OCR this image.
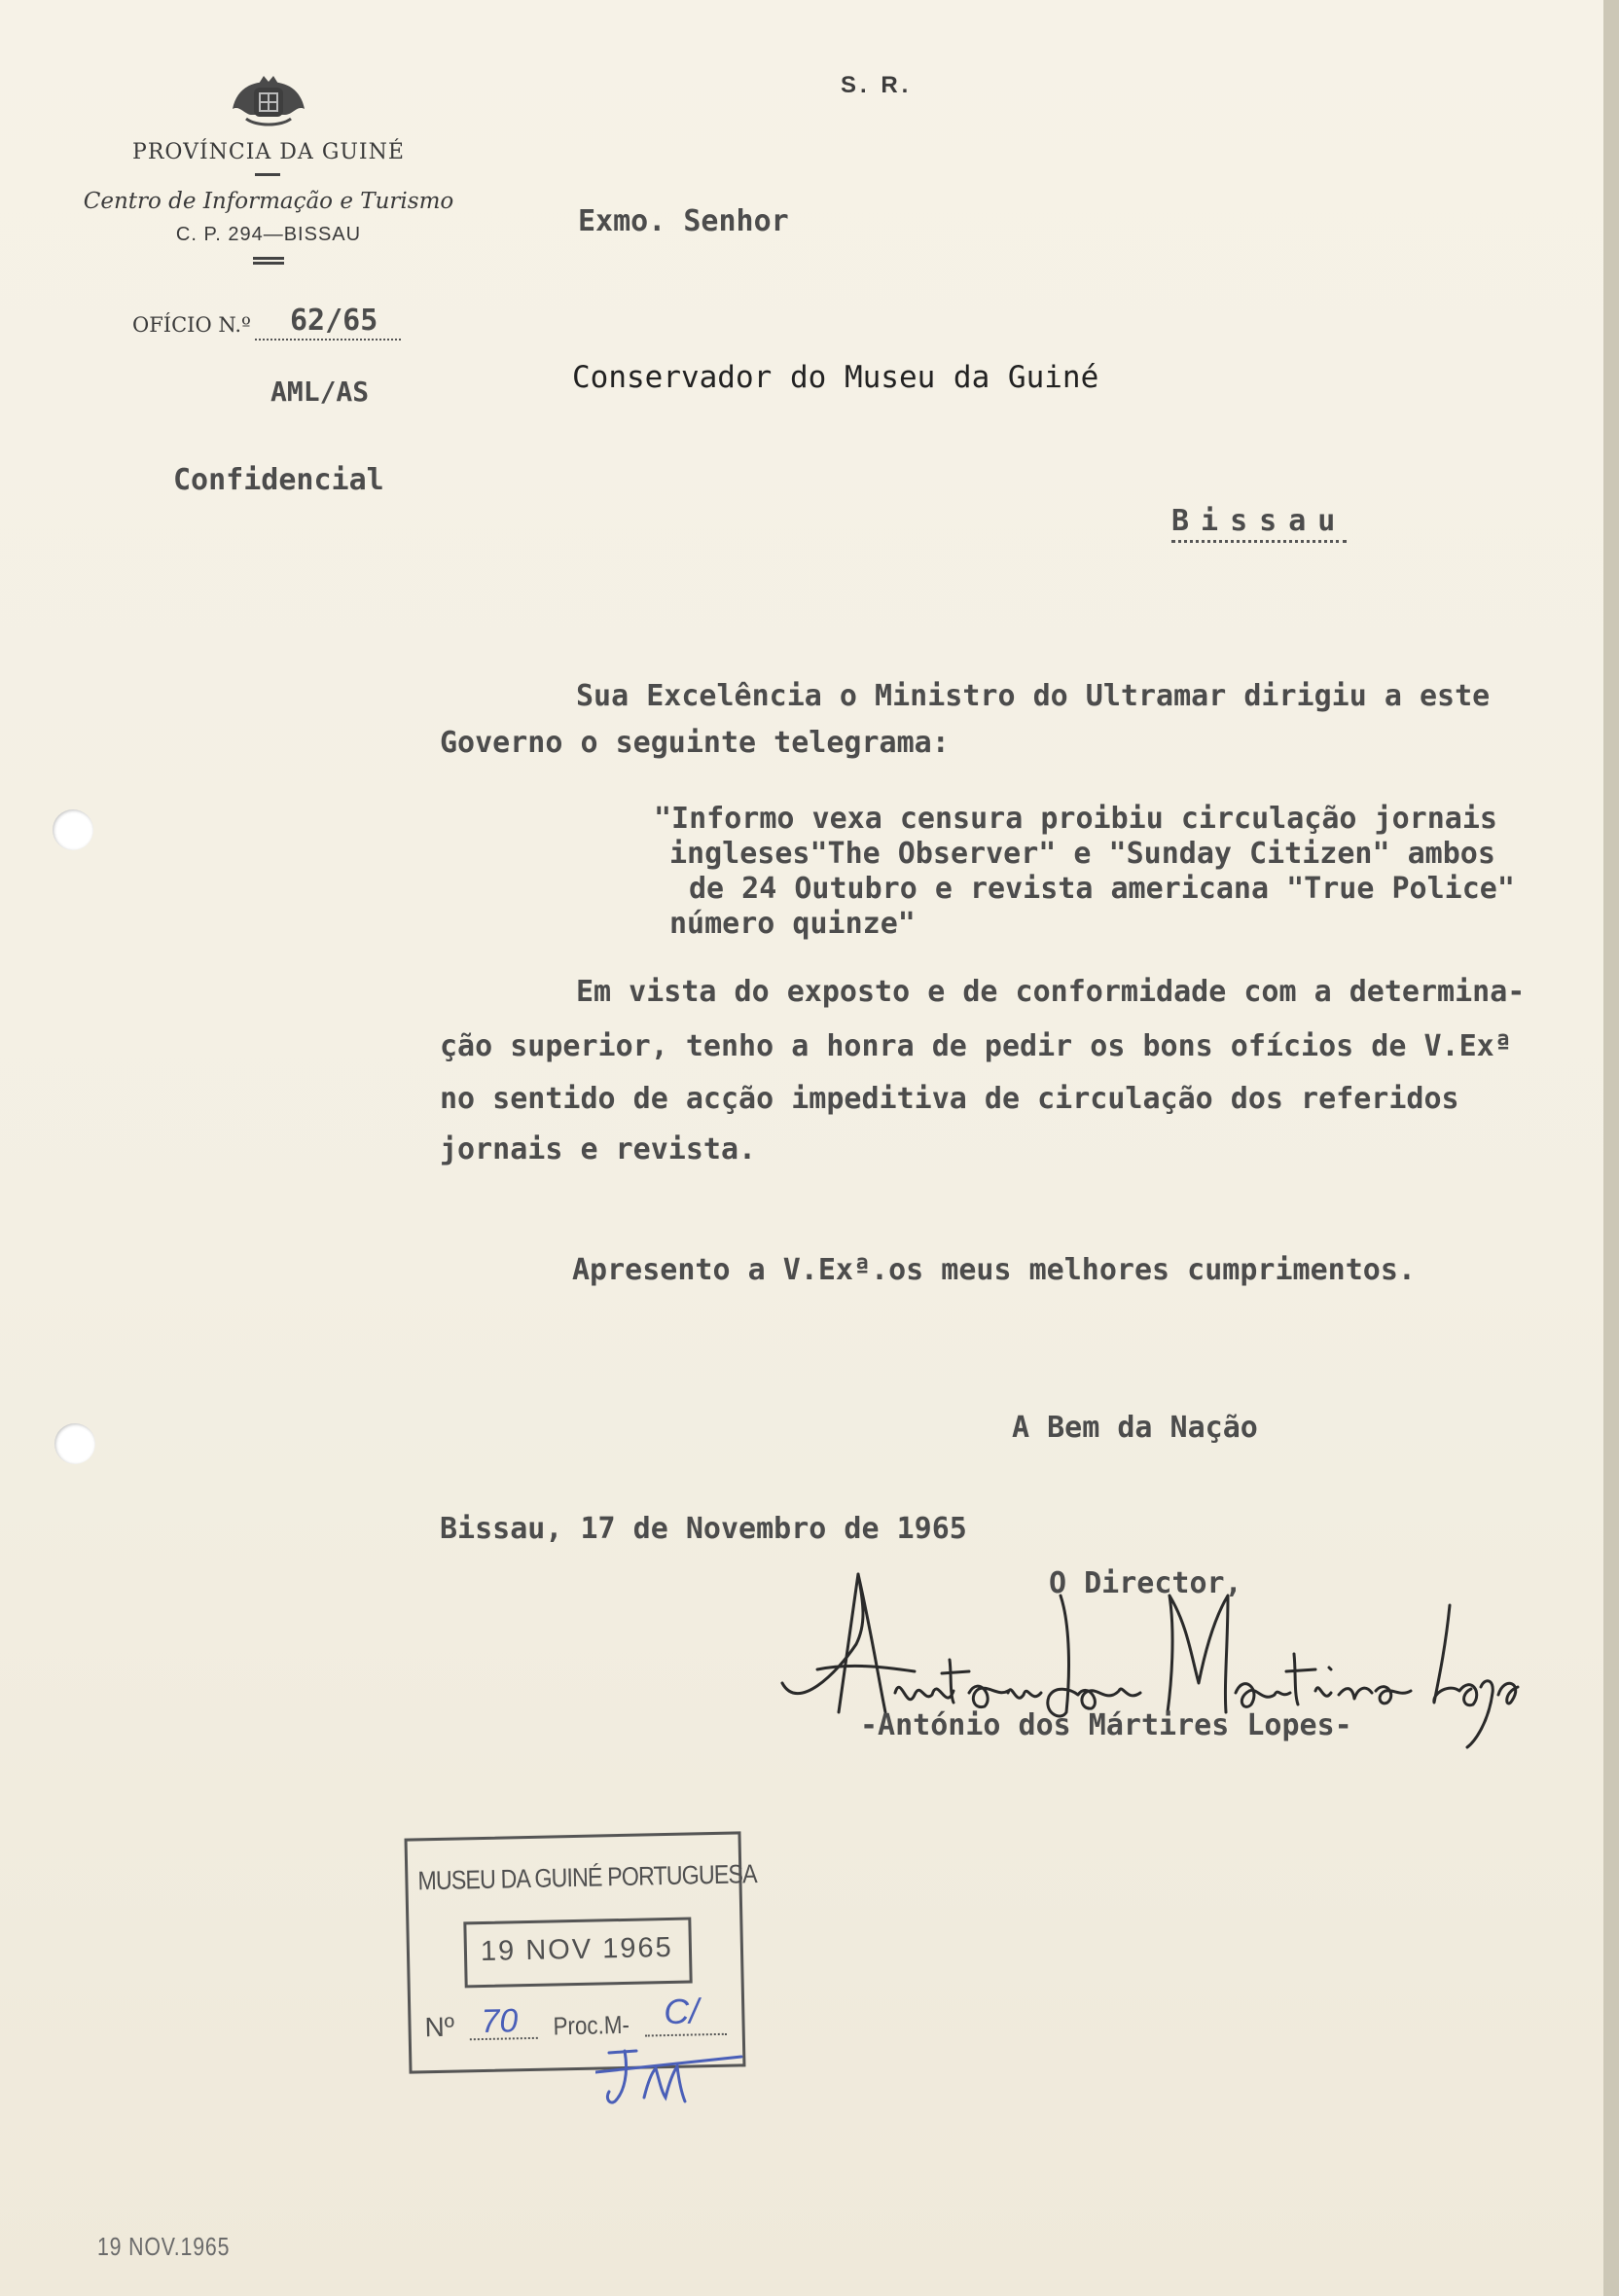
S. R.
PROVÍNCIA DA GUINÉ
Centro de Informação e Turismo
C. P. 294—BISSAU
OFÍCIO N.º 62/65
AML/AS
Confidencial
Exmo. Senhor
Conservador do Museu da Guiné
Bissau
Sua Excelência o Ministro do Ultramar dirigiu a este
Governo o seguinte telegrama:
"Informo vexa censura proibiu circulação jornais
ingleses"The Observer" e "Sunday Citizen" ambos
de 24 Outubro e revista americana "True Police"
número quinze"
Em vista do exposto e de conformidade com a determina-
ção superior, tenho a honra de pedir os bons ofícios de V.Exª
no sentido de acção impeditiva de circulação dos referidos
jornais e revista.
Apresento a V.Exª.os meus melhores cumprimentos.
A Bem da Nação
Bissau, 17 de Novembro de 1965
O Director,
-António dos Mártires Lopes-
MUSEU DA GUINÉ PORTUGUESA
19 NOV 1965
Nº 70 Proc.M- C/
19 NOV.1965
